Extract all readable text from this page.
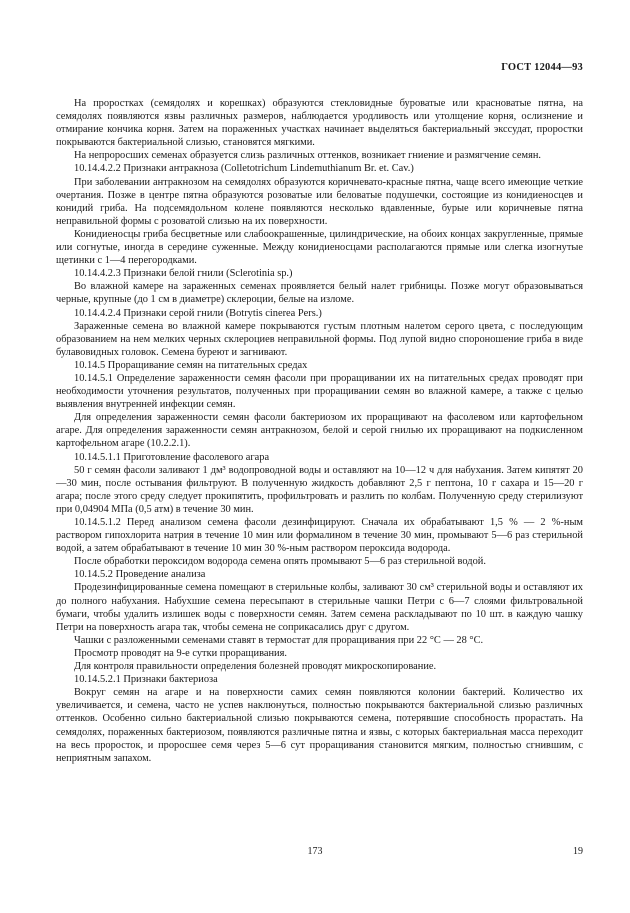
ГОСТ 12044—93

На проростках (семядолях и корешках) образуются стекловидные буроватые или красноватые пятна, на семядолях появляются язвы различных размеров, наблюдается уродливость или утолщение корня, ослизнение и отмирание кончика корня. Затем на пораженных участках начинает выделяться бактериальный экссудат, проростки покрываются бактериальной слизью, становятся мягкими.

На непроросших семенах образуется слизь различных оттенков, возникает гниение и размягчение семян.

10.14.4.2.2 Признаки антракноза (Colletotrichum Lindemuthianum Br. et. Cav.)

При заболевании антракнозом на семядолях образуются коричневато-красные пятна, чаще всего имеющие четкие очертания. Позже в центре пятна образуются розоватые или беловатые подушечки, состоящие из конидиеносцев и конидий гриба. На подсемядольном колене появляются несколько вдавленные, бурые или коричневые пятна неправильной формы с розоватой слизью на их поверхности.

Конидиеносцы гриба бесцветные или слабоокрашенные, цилиндрические, на обоих концах закругленные, прямые или согнутые, иногда в середине суженные. Между конидиеносцами располагаются прямые или слегка изогнутые щетинки с 1—4 перегородками.

10.14.4.2.3 Признаки белой гнили (Sclerotinia sp.)

Во влажной камере на зараженных семенах проявляется белый налет грибницы. Позже могут образовываться черные, крупные (до 1 см в диаметре) склероции, белые на изломе.

10.14.4.2.4 Признаки серой гнили (Botrytis cinerea Pers.)

Зараженные семена во влажной камере покрываются густым плотным налетом серого цвета, с последующим образованием на нем мелких черных склероциев неправильной формы. Под лупой видно спороношение гриба в виде булавовидных головок. Семена буреют и загнивают.

10.14.5 Проращивание семян на питательных средах

10.14.5.1 Определение зараженности семян фасоли при проращивании их на питательных средах проводят при необходимости уточнения результатов, полученных при проращивании семян во влажной камере, а также с целью выявления внутренней инфекции семян.

Для определения зараженности семян фасоли бактериозом их проращивают на фасолевом или картофельном агаре. Для определения зараженности семян антракнозом, белой и серой гнилью их проращивают на подкисленном картофельном агаре (10.2.2.1).

10.14.5.1.1 Приготовление фасолевого агара

50 г семян фасоли заливают 1 дм³ водопроводной воды и оставляют на 10—12 ч для набухания. Затем кипятят 20—30 мин, после остывания фильтруют. В полученную жидкость добавляют 2,5 г пептона, 10 г сахара и 15—20 г агара; после этого среду следует прокипятить, профильтровать и разлить по колбам. Полученную среду стерилизуют при 0,04904 МПа (0,5 атм) в течение 30 мин.

10.14.5.1.2 Перед анализом семена фасоли дезинфицируют. Сначала их обрабатывают 1,5 % — 2 %-ным раствором гипохлорита натрия в течение 10 мин или формалином в течение 30 мин, промывают 5—6 раз стерильной водой, а затем обрабатывают в течение 10 мин 30 %-ным раствором пероксида водорода.

После обработки пероксидом водорода семена опять промывают 5—6 раз стерильной водой.

10.14.5.2 Проведение анализа

Продезинфицированные семена помещают в стерильные колбы, заливают 30 см³ стерильной воды и оставляют их до полного набухания. Набухшие семена пересыпают в стерильные чашки Петри с 6—7 слоями фильтровальной бумаги, чтобы удалить излишек воды с поверхности семян. Затем семена раскладывают по 10 шт. в каждую чашку Петри на поверхность агара так, чтобы семена не соприкасались друг с другом.

Чашки с разложенными семенами ставят в термостат для проращивания при 22 °С — 28 °С.

Просмотр проводят на 9-е сутки проращивания.

Для контроля правильности определения болезней проводят микроскопирование.

10.14.5.2.1 Признаки бактериоза

Вокруг семян на агаре и на поверхности самих семян появляются колонии бактерий. Количество их увеличивается, и семена, часто не успев наклюнуться, полностью покрываются бактериальной слизью различных оттенков. Особенно сильно бактериальной слизью покрываются семена, потерявшие способность прорастать. На семядолях, пораженных бактериозом, появляются различные пятна и язвы, с которых бактериальная масса переходит на весь проросток, и проросшее семя через 5—6 сут проращивания становится мягким, полностью сгнившим, с неприятным запахом.

173	19
